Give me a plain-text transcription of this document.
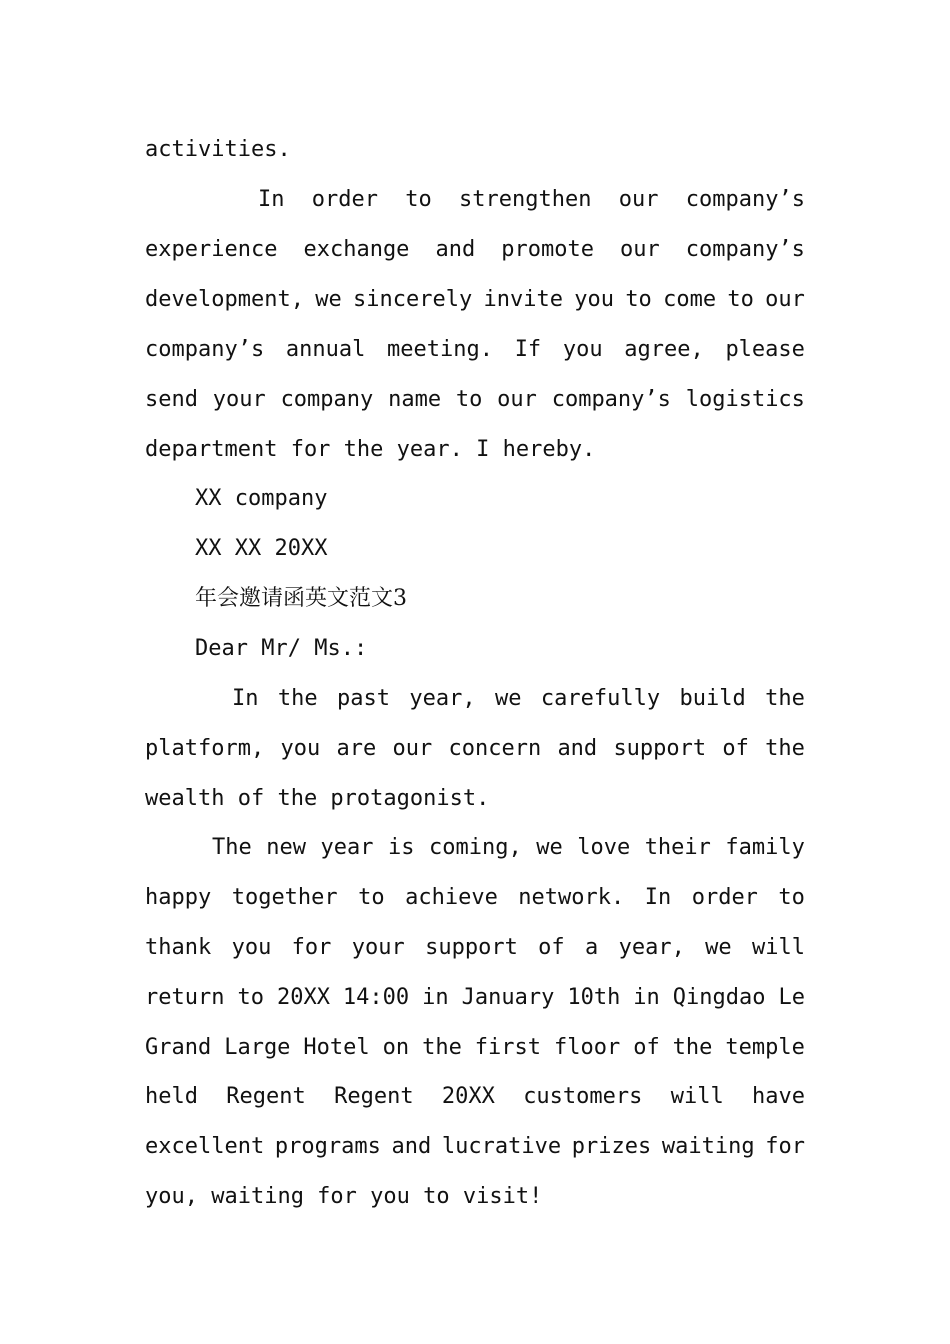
activities.
In order to strengthen our company’s
experience exchange and promote our company’s
development, we sincerely invite you to come to our
company’s annual meeting. If you agree, please
send your company name to our company’s logistics
department for the year. I hereby.
XX company
XX XX 20XX
年会邀请函英文范文3
Dear Mr/ Ms.:
In the past year, we carefully build the
platform, you are our concern and support of the
wealth of the protagonist.
The new year is coming, we love their family
happy together to achieve network. In order to
thank you for your support of a year, we will
return to 20XX 14:00 in January 10th in Qingdao Le
Grand Large Hotel on the first floor of the temple
held Regent Regent 20XX customers will have
excellent programs and lucrative prizes waiting for
you, waiting for you to visit!
